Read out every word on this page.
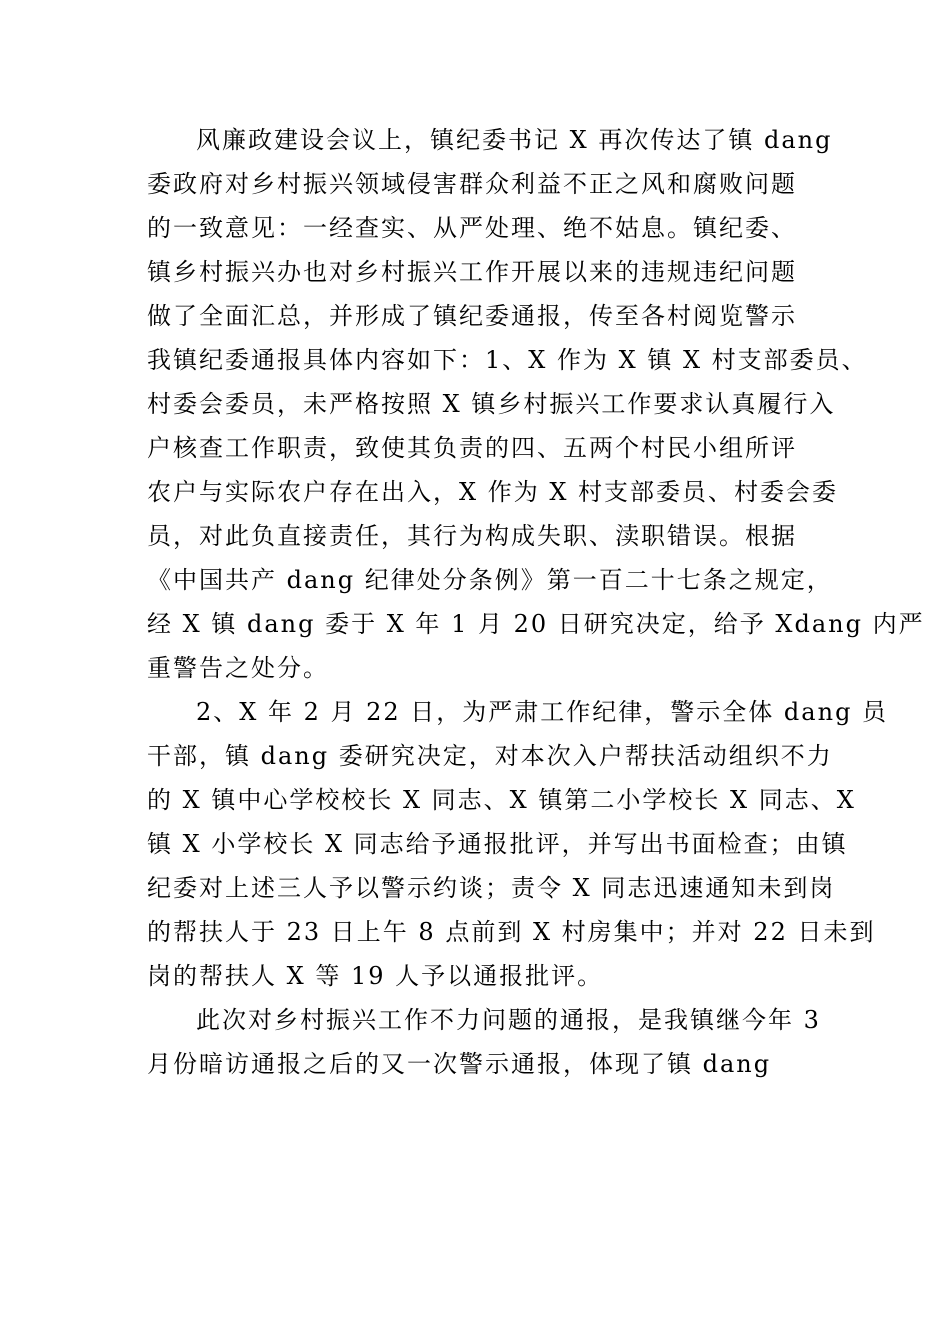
风廉政建设会议上，镇纪委书记 X 再次传达了镇 dang
委政府对乡村振兴领域侵害群众利益不正之风和腐败问题
的一致意见：一经查实、从严处理、绝不姑息。镇纪委、
镇乡村振兴办也对乡村振兴工作开展以来的违规违纪问题
做了全面汇总，并形成了镇纪委通报，传至各村阅览警示
我镇纪委通报具体内容如下：1、X 作为 X 镇 X 村支部委员、
村委会委员，未严格按照 X 镇乡村振兴工作要求认真履行入
户核查工作职责，致使其负责的四、五两个村民小组所评
农户与实际农户存在出入，X 作为 X 村支部委员、村委会委
员，对此负直接责任，其行为构成失职、渎职错误。根据
《中国共产 dang 纪律处分条例》第一百二十七条之规定，
经 X 镇 dang 委于 X 年 1 月 20 日研究决定，给予 Xdang 内严
重警告之处分。
2、X 年 2 月 22 日，为严肃工作纪律，警示全体 dang 员
干部，镇 dang 委研究决定，对本次入户帮扶活动组织不力
的 X 镇中心学校校长 X 同志、X 镇第二小学校长 X 同志、X
镇 X 小学校长 X 同志给予通报批评，并写出书面检查；由镇
纪委对上述三人予以警示约谈；责令 X 同志迅速通知未到岗
的帮扶人于 23 日上午 8 点前到 X 村房集中；并对 22 日未到
岗的帮扶人 X 等 19 人予以通报批评。
此次对乡村振兴工作不力问题的通报，是我镇继今年 3
月份暗访通报之后的又一次警示通报，体现了镇 dang
